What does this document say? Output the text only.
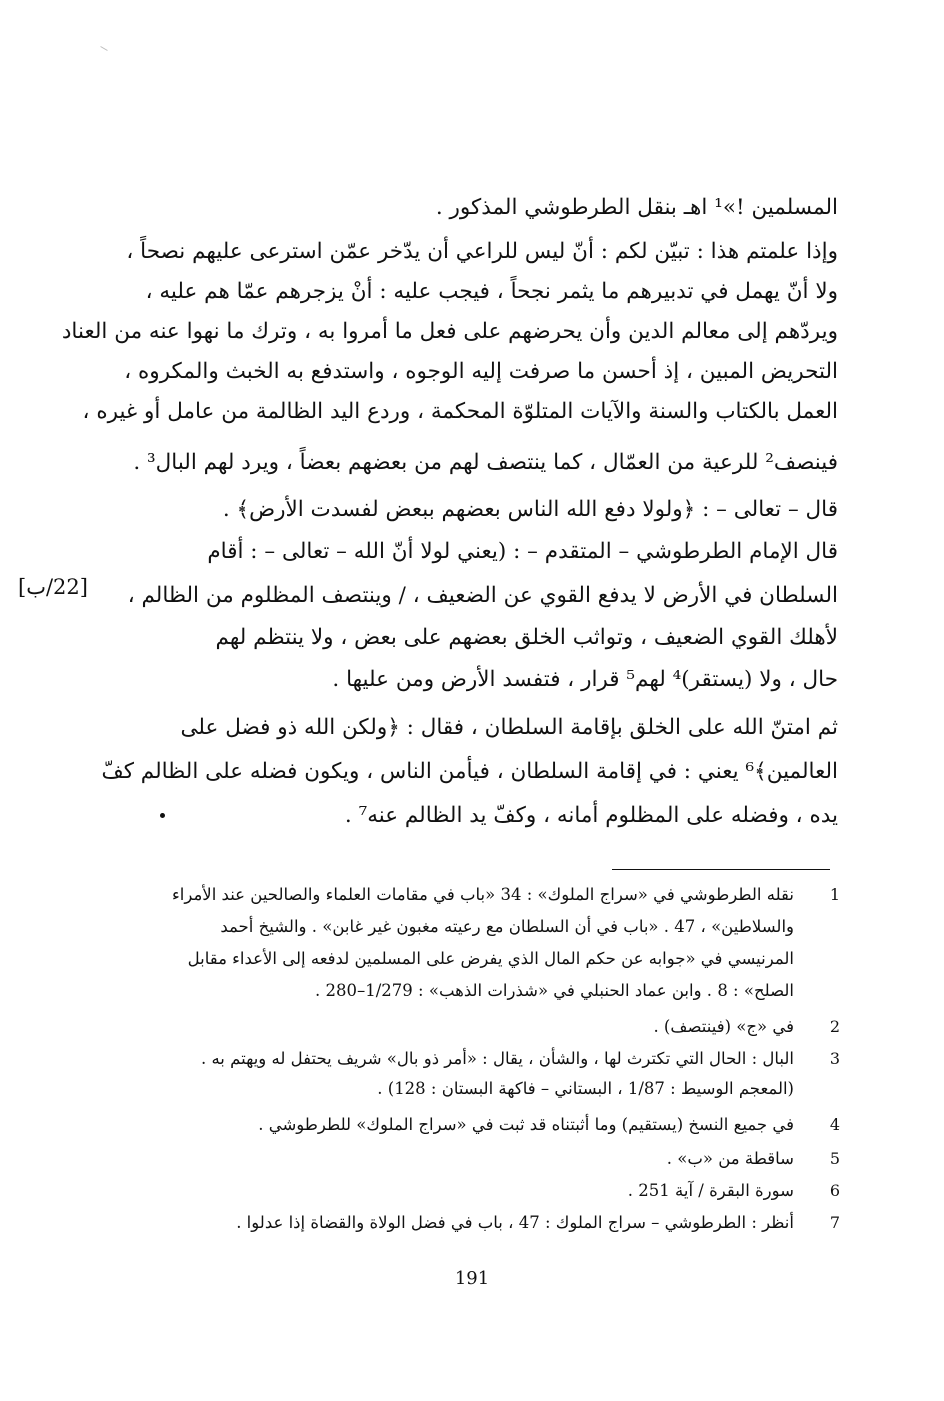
المسلمين !»¹ اهـ بنقل الطرطوشي المذكور .
وإذا علمتم هذا : تبيّن لكم : أنّ ليس للراعي أن يدّخر عمّن استرعى عليهم نصحاً ،
ولا أنّ يهمل في تدبيرهم ما يثمر نجحاً ، فيجب عليه : أنْ يزجرهم عمّا هم عليه ،
ويردّهم إلى معالم الدين وأن يحرضهم على فعل ما أمروا به ، وترك ما نهوا عنه من العناد
التحريض المبين ، إذ أحسن ما صرفت إليه الوجوه ، واستدفع به الخبث والمكروه ،
العمل بالكتاب والسنة والآيات المتلوّة المحكمة ، وردع اليد الظالمة من عامل أو غيره ،
فينصف² للرعية من العمّال ، كما ينتصف لهم من بعضهم بعضاً ، ويرد لهم البال³ .
قال – تعالى – : ﴿ولولا دفع الله الناس بعضهم ببعض لفسدت الأرض﴾ .
قال الإمام الطرطوشي – المتقدم – : (يعني لولا أنّ الله – تعالى – : أقام
السلطان في الأرض لا يدفع القوي عن الضعيف ، / وينتصف المظلوم من الظالم ،
لأهلك القوي الضعيف ، وتواثب الخلق بعضهم على بعض ، ولا ينتظم لهم
حال ، ولا (يستقر)⁴ لهم⁵ قرار ، فتفسد الأرض ومن عليها .
ثم امتنّ الله على الخلق بإقامة السلطان ، فقال : ﴿ولكن الله ذو فضل على
العالمين﴾⁶ يعني : في إقامة السلطان ، فيأمن الناس ، ويكون فضله على الظالم كفّ
يده ، وفضله على المظلوم أمانه ، وكفّ يد الظالم عنه⁷ .
[22/ب]
1
نقله الطرطوشي في «سراج الملوك» : 34 «باب في مقامات العلماء والصالحين عند الأمراء
والسلاطين» ، 47 . «باب في أن السلطان مع رعيته مغبون غير غابن» . والشيخ أحمد
المرنيسي في «جوابه عن حكم المال الذي يفرض على المسلمين لدفعه إلى الأعداء مقابل
الصلح» : 8 . وابن عماد الحنبلي في «شذرات الذهب» : 1/279–280 .
2
في «ج» (فينتصف) .
3
البال : الحال التي تكترث لها ، والشأن ، يقال : «أمر ذو بال» شريف يحتفل له ويهتم به .
(المعجم الوسيط : 1/87 ، البستاني – فاكهة البستان : 128) .
4
في جميع النسخ (يستقيم) وما أثبتناه قد ثبت في «سراج الملوك» للطرطوشي .
5
ساقطة من «ب» .
6
سورة البقرة / آية 251 .
7
أنظر : الطرطوشي – سراج الملوك : 47 ، باب في فضل الولاة والقضاة إذا عدلوا .
191
